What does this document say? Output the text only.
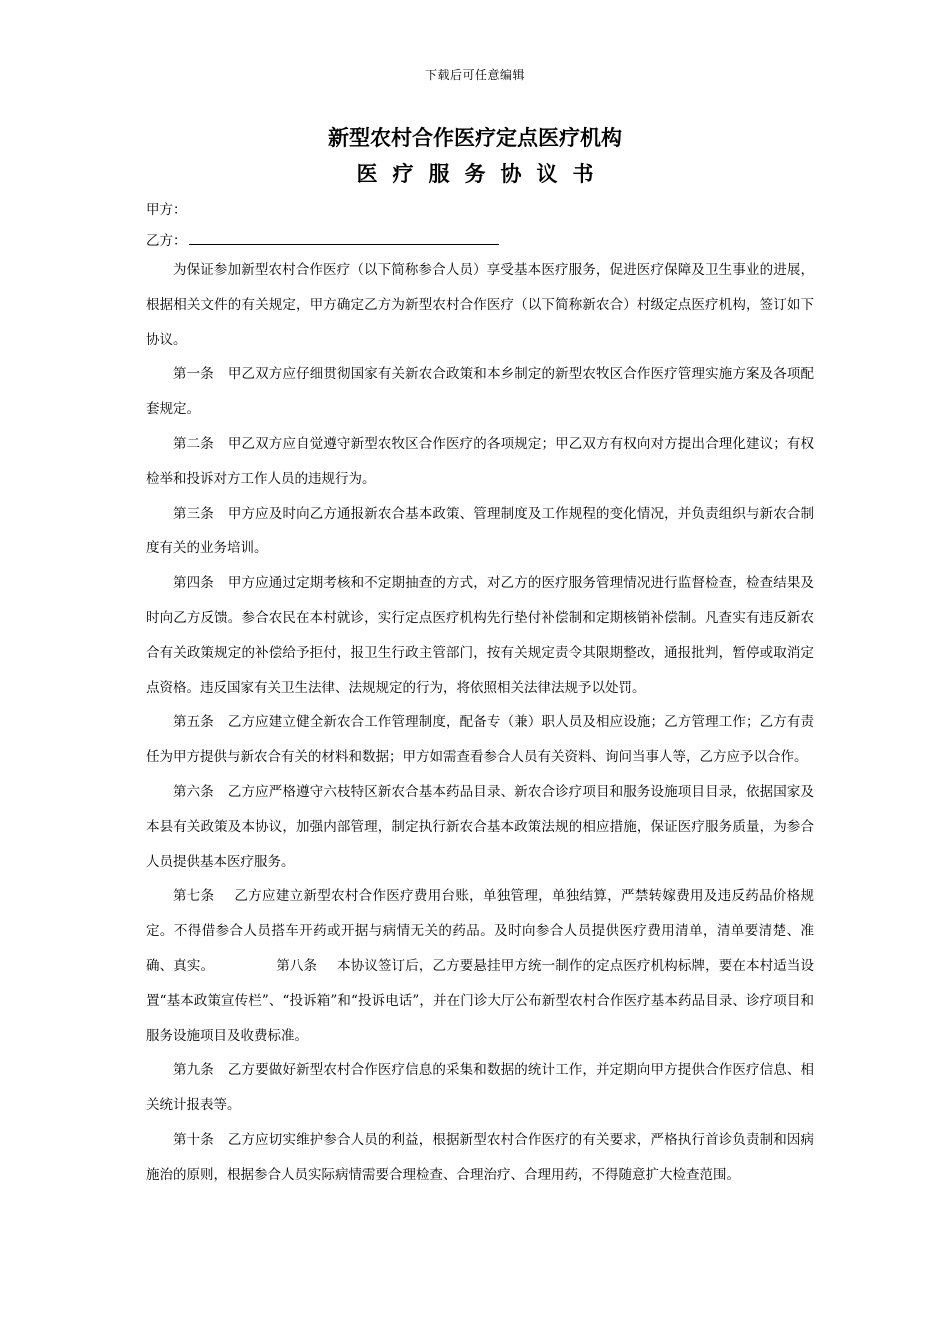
下载后可任意编辑
新型农村合作医疗定点医疗机构
医疗服务协议书
甲方：
乙方：

为保证参加新型农村合作医疗（以下简称参合人员）享受基本医疗服务，促进医疗保障及卫生事业的进展，根据相关文件的有关规定，甲方确定乙方为新型农村合作医疗（以下简称新农合）村级定点医疗机构，签订如下协议。

第一条 甲乙双方应仔细贯彻国家有关新农合政策和本乡制定的新型农牧区合作医疗管理实施方案及各项配套规定。

第二条 甲乙双方应自觉遵守新型农牧区合作医疗的各项规定；甲乙双方有权向对方提出合理化建议；有权检举和投诉对方工作人员的违规行为。

第三条 甲方应及时向乙方通报新农合基本政策、管理制度及工作规程的变化情况，并负责组织与新农合制度有关的业务培训。

第四条 甲方应通过定期考核和不定期抽查的方式，对乙方的医疗服务管理情况进行监督检查，检查结果及时向乙方反馈。参合农民在本村就诊，实行定点医疗机构先行垫付补偿制和定期核销补偿制。凡查实有违反新农合有关政策规定的补偿给予拒付，报卫生行政主管部门，按有关规定责令其限期整改，通报批判，暂停或取消定点资格。违反国家有关卫生法律、法规规定的行为，将依照相关法律法规予以处罚。

第五条 乙方应建立健全新农合工作管理制度，配备专（兼）职人员及相应设施；乙方管理工作；乙方有责任为甲方提供与新农合有关的材料和数据；甲方如需查看参合人员有关资料、询问当事人等，乙方应予以合作。

第六条 乙方应严格遵守六枝特区新农合基本药品目录、新农合诊疗项目和服务设施项目目录，依据国家及本县有关政策及本协议，加强内部管理，制定执行新农合基本政策法规的相应措施，保证医疗服务质量，为参合人员提供基本医疗服务。

第七条 乙方应建立新型农村合作医疗费用台账，单独管理，单独结算，严禁转嫁费用及违反药品价格规定。不得借参合人员搭车开药或开据与病情无关的药品。及时向参合人员提供医疗费用清单，清单要清楚、准确、真实。	第八条 本协议签订后，乙方要悬挂甲方统一制作的定点医疗机构标牌，要在本村适当设置“基本政策宣传栏”、“投诉箱”和“投诉电话”，并在门诊大厅公布新型农村合作医疗基本药品目录、诊疗项目和服务设施项目及收费标准。

第九条 乙方要做好新型农村合作医疗信息的采集和数据的统计工作，并定期向甲方提供合作医疗信息、相关统计报表等。

第十条 乙方应切实维护参合人员的利益，根据新型农村合作医疗的有关要求，严格执行首诊负责制和因病施治的原则，根据参合人员实际病情需要合理检查、合理治疗、合理用药，不得随意扩大检查范围。
